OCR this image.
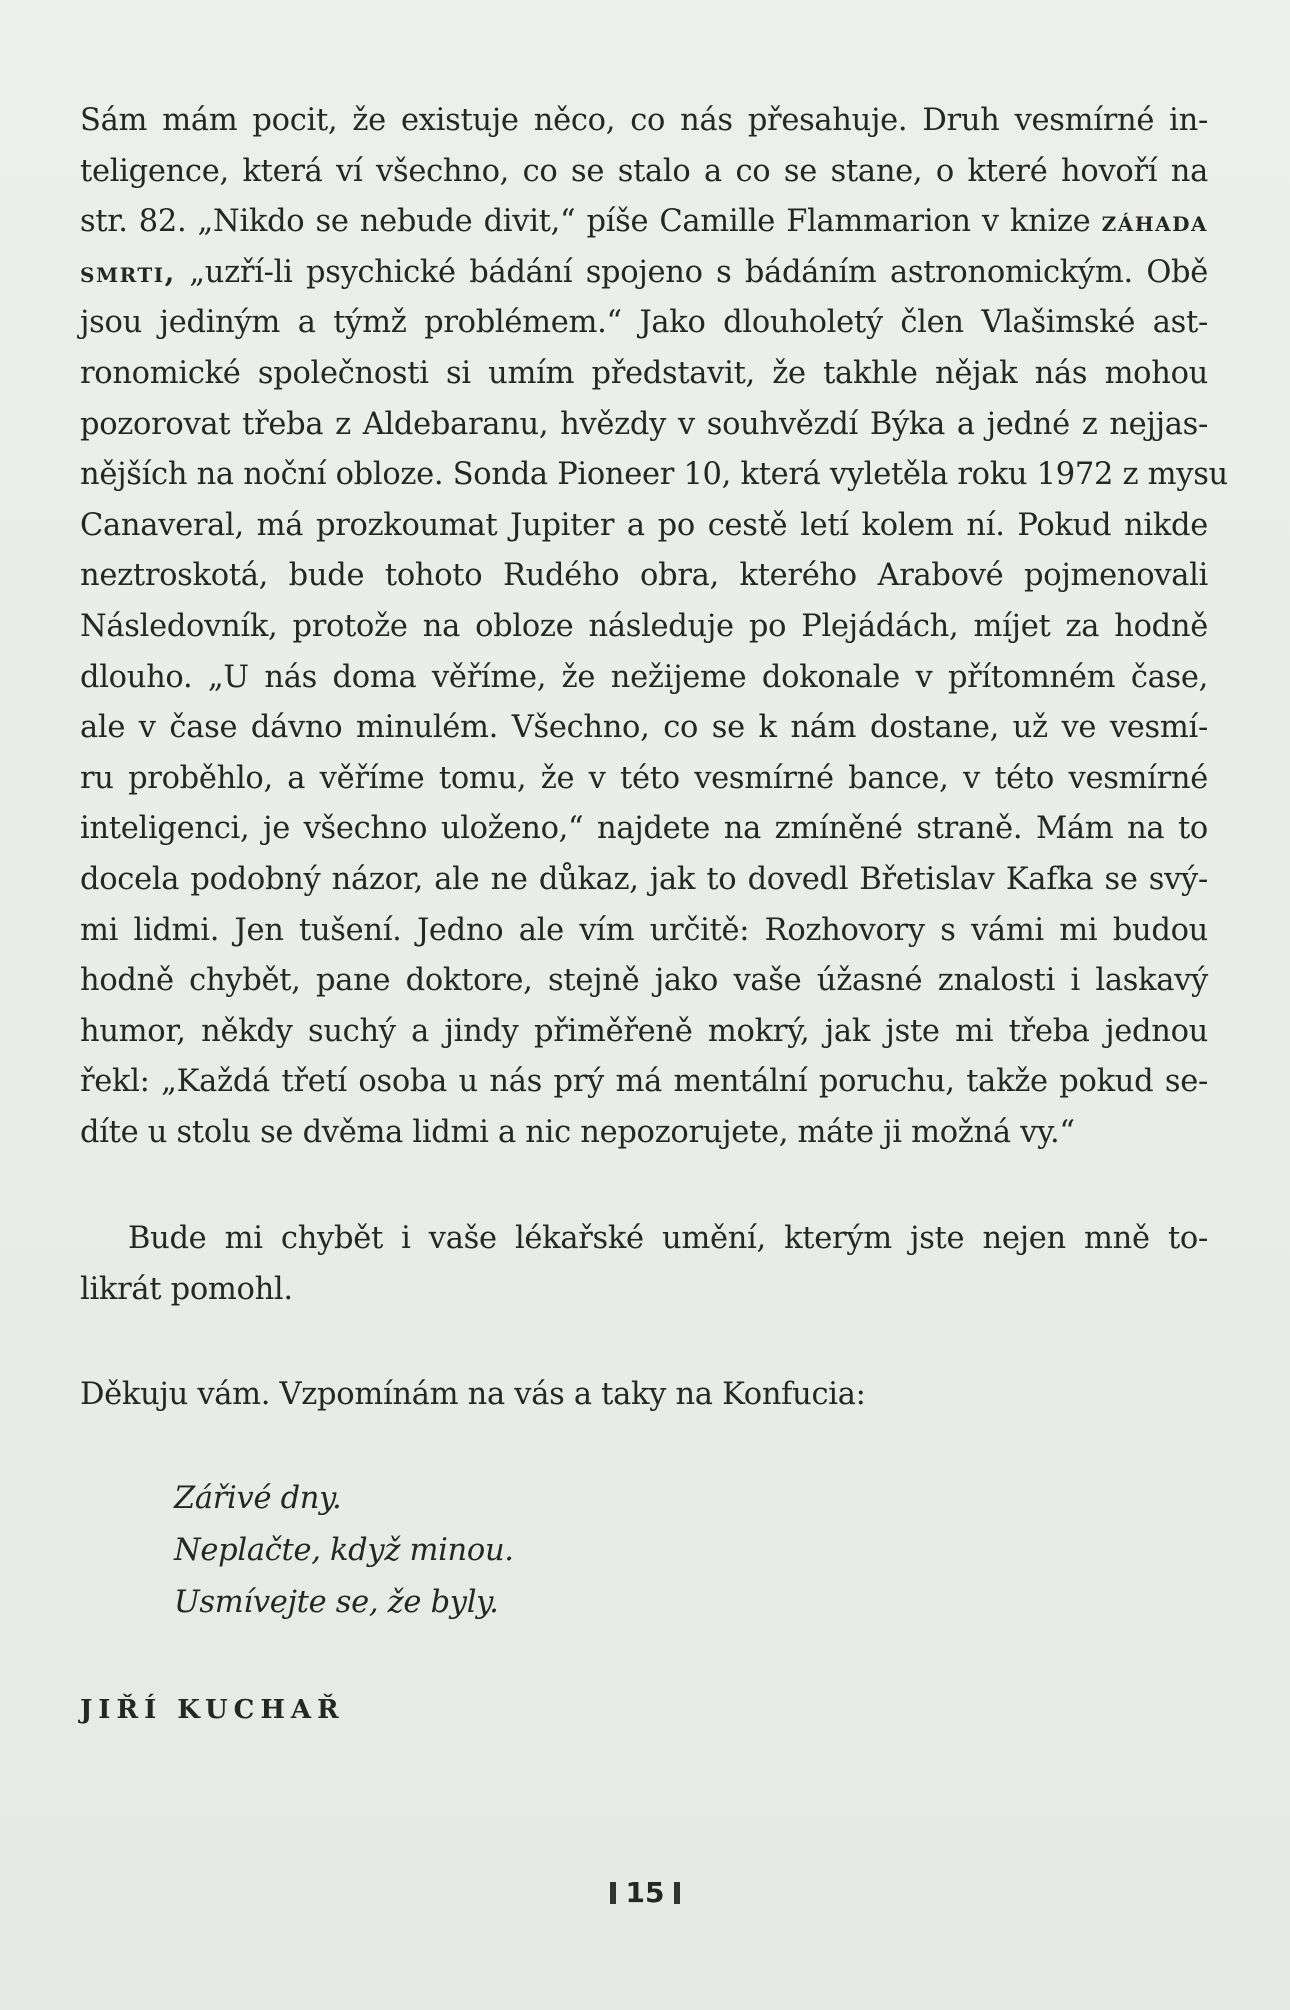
Sám mám pocit, že existuje něco, co nás přesahuje. Druh vesmírné in-
teligence, která ví všechno, co se stalo a co se stane, o které hovoří na
str. 82. „Nikdo se nebude divit,“ píše Camille Flammarion v knize záhada
smrti, „uzří-li psychické bádání spojeno s bádáním astronomickým. Obě
jsou jediným a týmž problémem.“ Jako dlouholetý člen Vlašimské ast-
ronomické společnosti si umím představit, že takhle nějak nás mohou
pozorovat třeba z Aldebaranu, hvězdy v souhvězdí Býka a jedné z nejjas-
nějších na noční obloze. Sonda Pioneer 10, která vyletěla roku 1972 z mysu
Canaveral, má prozkoumat Jupiter a po cestě letí kolem ní. Pokud nikde
neztroskotá, bude tohoto Rudého obra, kterého Arabové pojmenovali
Následovník, protože na obloze následuje po Plejádách, míjet za hodně
dlouho. „U nás doma věříme, že nežijeme dokonale v přítomném čase,
ale v čase dávno minulém. Všechno, co se k nám dostane, už ve vesmí-
ru proběhlo, a věříme tomu, že v této vesmírné bance, v této vesmírné
inteligenci, je všechno uloženo,“ najdete na zmíněné straně. Mám na to
docela podobný názor, ale ne důkaz, jak to dovedl Břetislav Kafka se svý-
mi lidmi. Jen tušení. Jedno ale vím určitě: Rozhovory s vámi mi budou
hodně chybět, pane doktore, stejně jako vaše úžasné znalosti i laskavý
humor, někdy suchý a jindy přiměřeně mokrý, jak jste mi třeba jednou
řekl: „Každá třetí osoba u nás prý má mentální poruchu, takže pokud se-
díte u stolu se dvěma lidmi a nic nepozorujete, máte ji možná vy.“
Bude mi chybět i vaše lékařské umění, kterým jste nejen mně to-
likrát pomohl.
Děkuju vám. Vzpomínám na vás a taky na Konfucia:
Zářivé dny.
Neplačte, když minou.
Usmívejte se, že byly.
JIŘÍ KUCHAŘ
15
